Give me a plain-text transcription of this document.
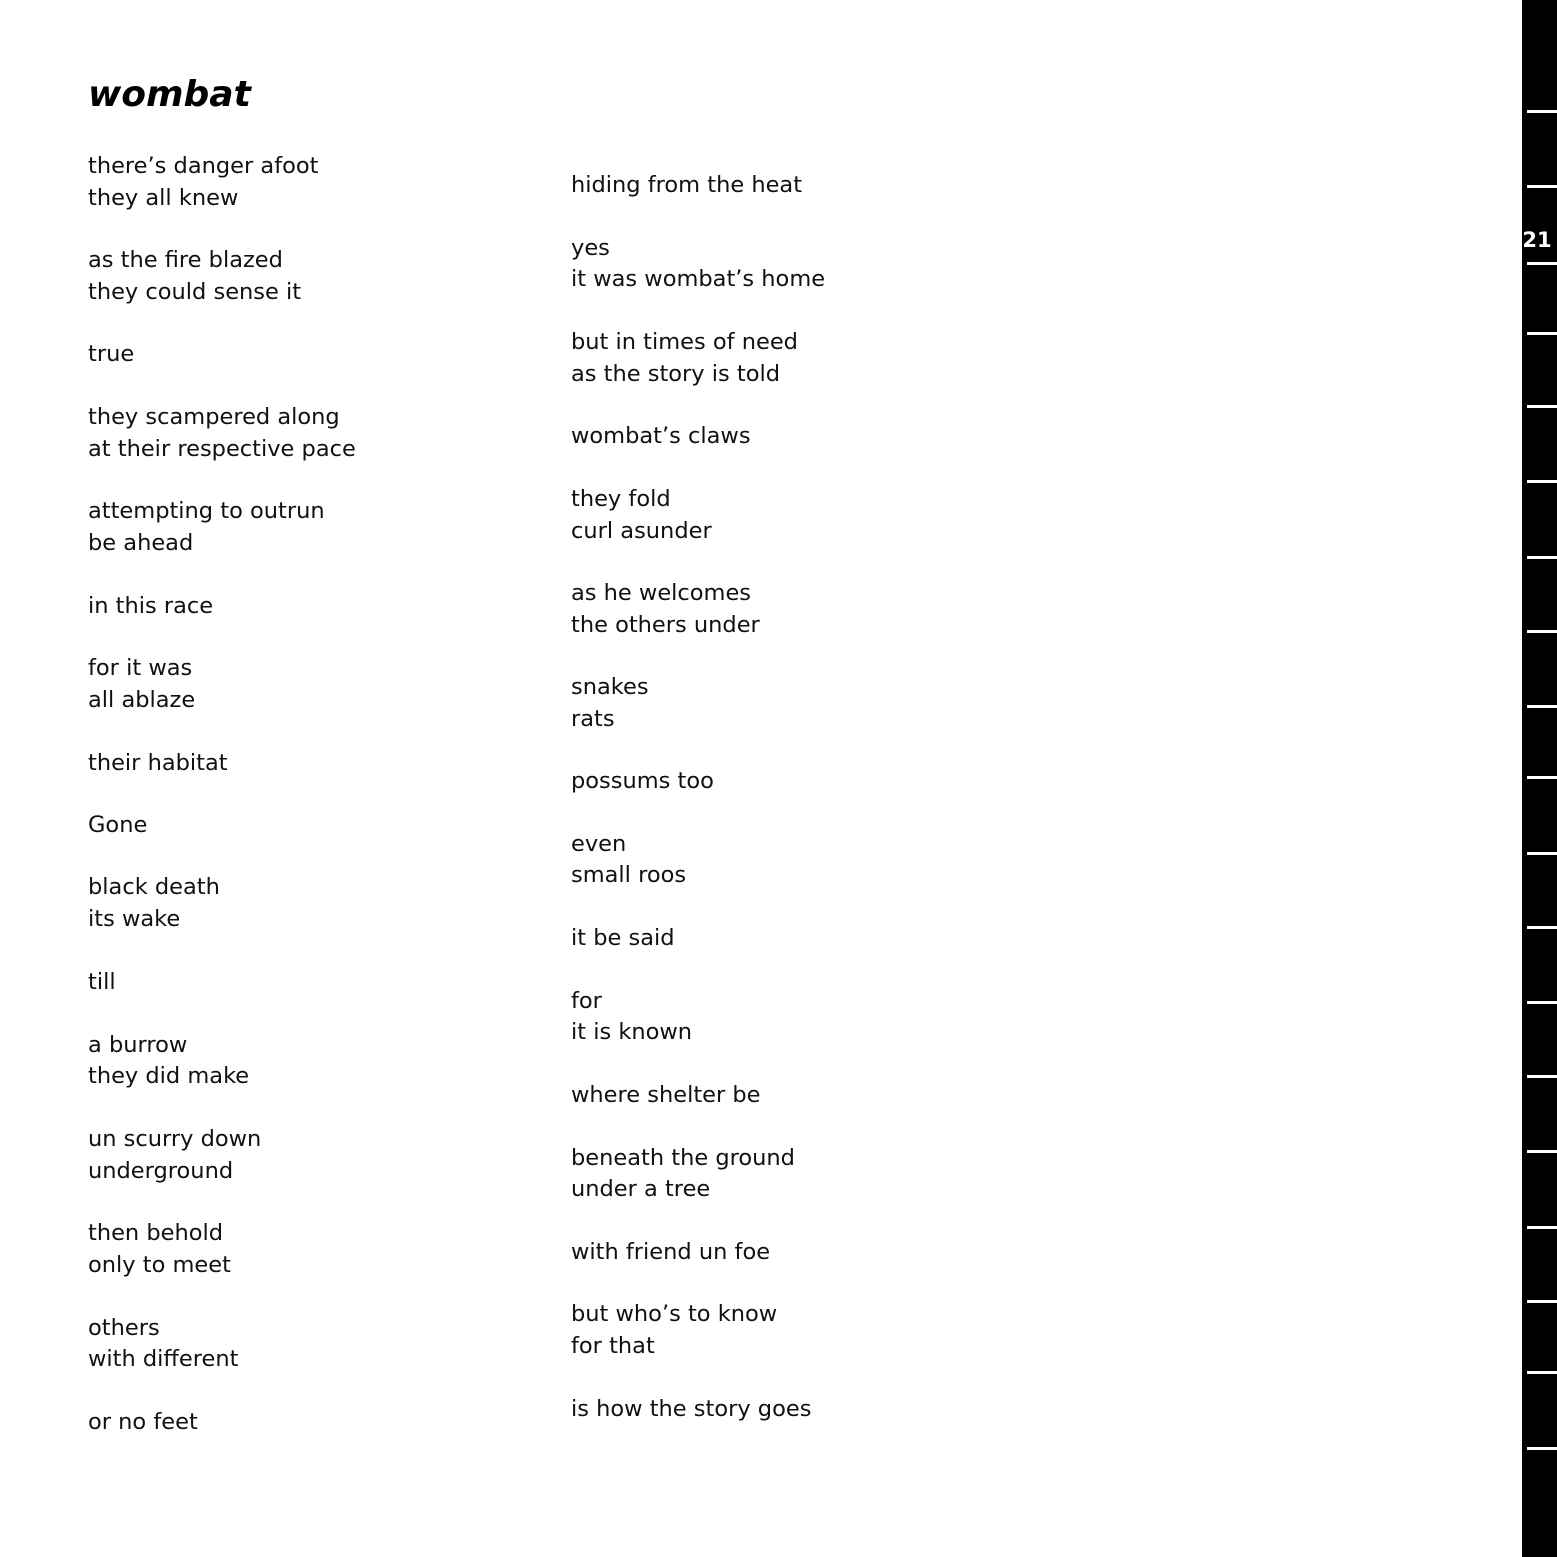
wombat
there’s danger afoot
they all knew
as the fire blazed
they could sense it
true
they scampered along
at their respective pace
attempting to outrun
be ahead
in this race
for it was
all ablaze
their habitat
Gone
black death
its wake
till
a burrow
they did make
un scurry down
underground
then behold
only to meet
others
with different
or no feet
hiding from the heat
yes
it was wombat’s home
but in times of need
as the story is told
wombat’s claws
they fold
curl asunder
as he welcomes
the others under
snakes
rats
possums too
even
small roos
it be said
for
it is known
where shelter be
beneath the ground
under a tree
with friend un foe
but who’s to know
for that
is how the story goes
21
